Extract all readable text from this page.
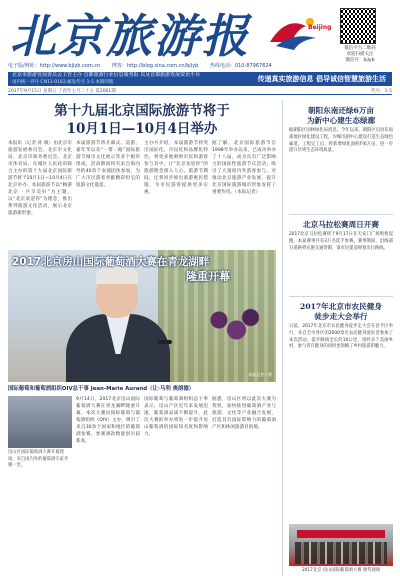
北京旅游报	Beijing
微信平台二维码
欢迎扫描关注
微信号：bjlyb
电子版/网址：http://www.bjlyb.com.cn 博客：http://blog.sina.com.cn/bjlyb 热线电话：010-87967624
北京市旅游发展委员会主管主办 首都旅游行业信息服务报 以及首都旅游发展资讯平台
国内统一刊号 CN11-0183 邮发代号 1-5 本期四版	传递真实旅游信息 倡导诚信智慧旅游生活
2017年9月15日 星期五 丁酉年七月二十五 第2061期	代号：1-5
第十九届北京国际旅游节将于
10月1日—10月4日举办
本报讯（记者 孙 敏）由北京市旅游发展委员会、北京市文化局、北京市商务委员会、北京市体育局、东城区人民政府联合主办的第十九届北京国际旅游节将于10月1日—10月4日在北京举办。本届旅游节以“畅游北京 · 共享美好”为主题，以“北京欢迎你”为理念，推出系列旅游文化活动，展示北京旅游新形象。
本届旅游节将开幕式、巡游、嘉年华以及“一带一路”国际旅游节城市文化展示等多个板块组成，活动期间将有来自海内外的40余个表演团体参加，为广大市民游客奉献精彩纷呈的旅游文化盛宴。
主办方介绍，本届旅游节将突出国际化、市民化和品牌化特色，将更多地吸纳市民和游客参与其中，让“北京欢迎你”的旅游理念深入人心。旅游节期间，还将同步推出旅游惠民措施，为市民游客提供更多实惠。
据了解，北京国际旅游节自1998年举办以来，已成功举办了十八届，成为具有广泛影响力的国际性旅游节庆活动，吸引了大量境内外游客参与，对推动北京旅游产业发展、提升北京国际旅游城市形象发挥了重要作用。（本报记者）
2017北京房山国际葡萄酒大赛在青龙湖畔
隆重开幕
本报记者 / 摄
国际葡萄和葡萄酒组织OIV总干事 Jean-Marie Aurand（让·马利 奥朗德）
房山区国际葡萄酒大赛开幕现场，来自国内外的葡萄酒专家齐聚一堂。
9月14日，2017北京房山国际葡萄酒大赛在青龙湖畔隆重开幕。本次大赛由国际葡萄与葡萄酒组织（OIV）主办，吸引了来自30余个国家和地区的葡萄酒参赛，参赛酒款数量创历届新高。
国际葡萄与葡萄酒组织总干事表示，房山产区近年来发展迅速，葡萄酒品质不断提升，此次大赛的举办将进一步提升房山葡萄酒的国际知名度和影响力。
据悉，房山区将以此次大赛为契机，加快推进葡萄酒产业与旅游、文化等产业融合发展，打造具有国际影响力的葡萄酒产区和休闲旅游目的地。
朝阳东南还绿6万亩
为新中心建生态绿廊
据朝阳区园林绿化局消息，今年以来，朝阳区启动东南部地区绿化建设工程，为城市副中心建设打造生态绿色廊道。工程完工后，将新增绿化面积约6万亩，进一步提升区域生态环境质量。
北京马拉松赛周日开赛
2017北京马拉松赛将于9月17日在天安门广场鸣枪起跑，本届赛事共有3万名选手参赛。赛事期间，沿线部分道路将实施交通管制，请市民提前规划出行路线。
2017年北京市农民健身
徒步走大会举行
日前，2017年北京市农民健身徒步走大会在昌平区举行，来自全市各区的2000余名农民健身爱好者参加了本次活动。徒步路线全长约10公里，途经多个美丽乡村，参与者在健身的同时也领略了乡村旅游的魅力。
2017北京·房山国际葡萄酒大赛 颁奖现场
